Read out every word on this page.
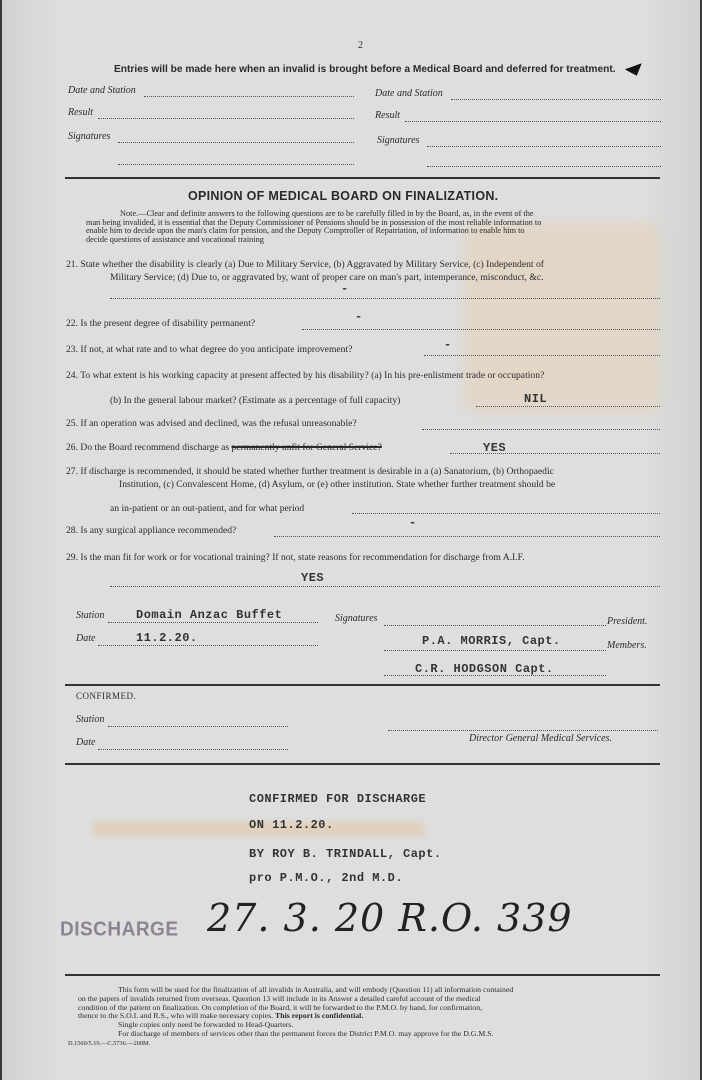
2
Entries will be made here when an invalid is brought before a Medical Board and deferred for treatment.
Date and Station	Date and Station
Result	Result
Signatures	Signatures
OPINION OF MEDICAL BOARD ON FINALIZATION.
Note.—Clear and definite answers to the following questions are to be carefully filled in by the Board, as, in the event of the
man being invalided, it is essential that the Deputy Commissioner of Pensions should be in possession of the most reliable information to
enable him to decide upon the man's claim for pension, and the Deputy Comptroller of Repatriation, of information to enable him to
decide questions of assistance and vocational training
21. State whether the disability is clearly (a) Due to Military Service, (b) Aggravated by Military Service, (c) Independent of
Military Service; (d) Due to, or aggravated by, want of proper care on man's part, intemperance, misconduct, &c.
-
22. Is the present degree of disability permanent?	-
23. If not, at what rate and to what degree do you anticipate improvement?	-
24. To what extent is his working capacity at present affected by his disability? (a) In his pre-enlistment trade or occupation?
(b) In the general labour market? (Estimate as a percentage of full capacity)	NIL
25. If an operation was advised and declined, was the refusal unreasonable?
26. Do the Board recommend discharge as permanently unfit for General Service?	YES
27. If discharge is recommended, it should be stated whether further treatment is desirable in a (a) Sanatorium, (b) Orthopaedic
Institution, (c) Convalescent Home, (d) Asylum, or (e) other institution. State whether further treatment should be
an in-patient or an out-patient, and for what period
28. Is any surgical appliance recommended?
-
29. Is the man fit for work or for vocational training? If not, state reasons for recommendation for discharge from A.I.F.
YES
Station	Domain Anzac Buffet	Signatures	President.
Date	11.2.20.	P.A. MORRIS, Capt.	Members.
C.R. HODGSON Capt.
CONFIRMED.
Station
Date	Director General Medical Services.
CONFIRMED FOR DISCHARGE
ON 11.2.20.
BY ROY B. TRINDALL, Capt.
pro P.M.O., 2nd M.D.
DISCHARGE 27. 3. 20 R.O. 339
This form will be used for the finalization of all invalids in Australia, and will embody (Question 11) all information contained
on the papers of invalids returned from overseas. Question 13 will include in its Answer a detailed careful account of the medical
condition of the patient on finalization. On completion of the Board, it will be forwarded to the P.M.O. by hand, for confirmation,
thence to the S.O.I. and R.S., who will make necessary copies. This report is confidential.
Single copies only need be forwarded to Head-Quarters.
For discharge of members of services other than the permanent forces the District P.M.O. may approve for the D.G.M.S.
D.1560/5.19.—C.5736.—200M.
